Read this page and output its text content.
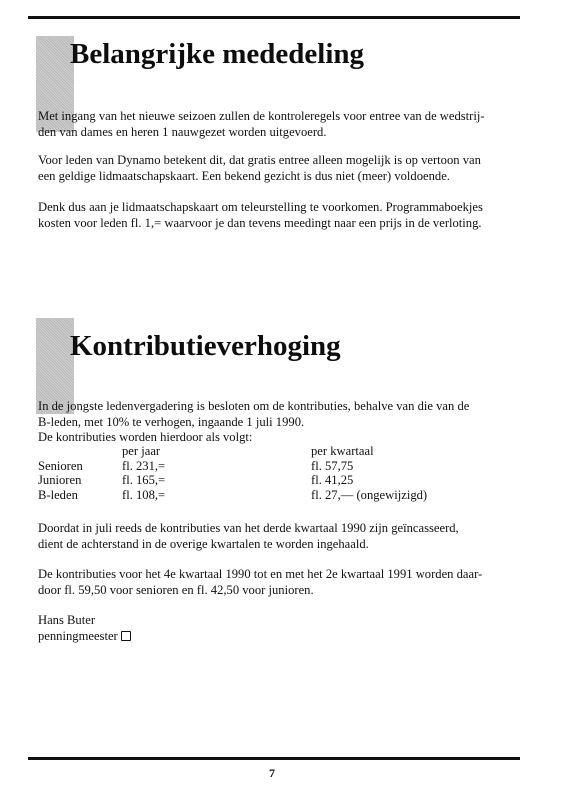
Belangrijke mededeling

Met ingang van het nieuwe seizoen zullen de kontroleregels voor entree van de wedstrij-
den van dames en heren 1 nauwgezet worden uitgevoerd.

Voor leden van Dynamo betekent dit, dat gratis entree alleen mogelijk is op vertoon van
een geldige lidmaatschapskaart. Een bekend gezicht is dus niet (meer) voldoende.

Denk dus aan je lidmaatschapskaart om teleurstelling te voorkomen. Programmaboekjes
kosten voor leden fl. 1,= waarvoor je dan tevens meedingt naar een prijs in de verloting.

Kontributieverhoging

In de jongste ledenvergadering is besloten om de kontributies, behalve van die van de
B-leden, met 10% te verhogen, ingaande 1 juli 1990.
De kontributies worden hierdoor als volgt:

	per jaar	per kwartaal
Senioren	fl. 231,=	fl. 57,75
Junioren	fl. 165,=	fl. 41,25
B-leden	fl. 108,=	fl. 27,— (ongewijzigd)

Doordat in juli reeds de kontributies van het derde kwartaal 1990 zijn geïncasseerd,
dient de achterstand in de overige kwartalen te worden ingehaald.

De kontributies voor het 4e kwartaal 1990 tot en met het 2e kwartaal 1991 worden daar-
door fl. 59,50 voor senioren en fl. 42,50 voor junioren.

Hans Buter
penningmeester
7
